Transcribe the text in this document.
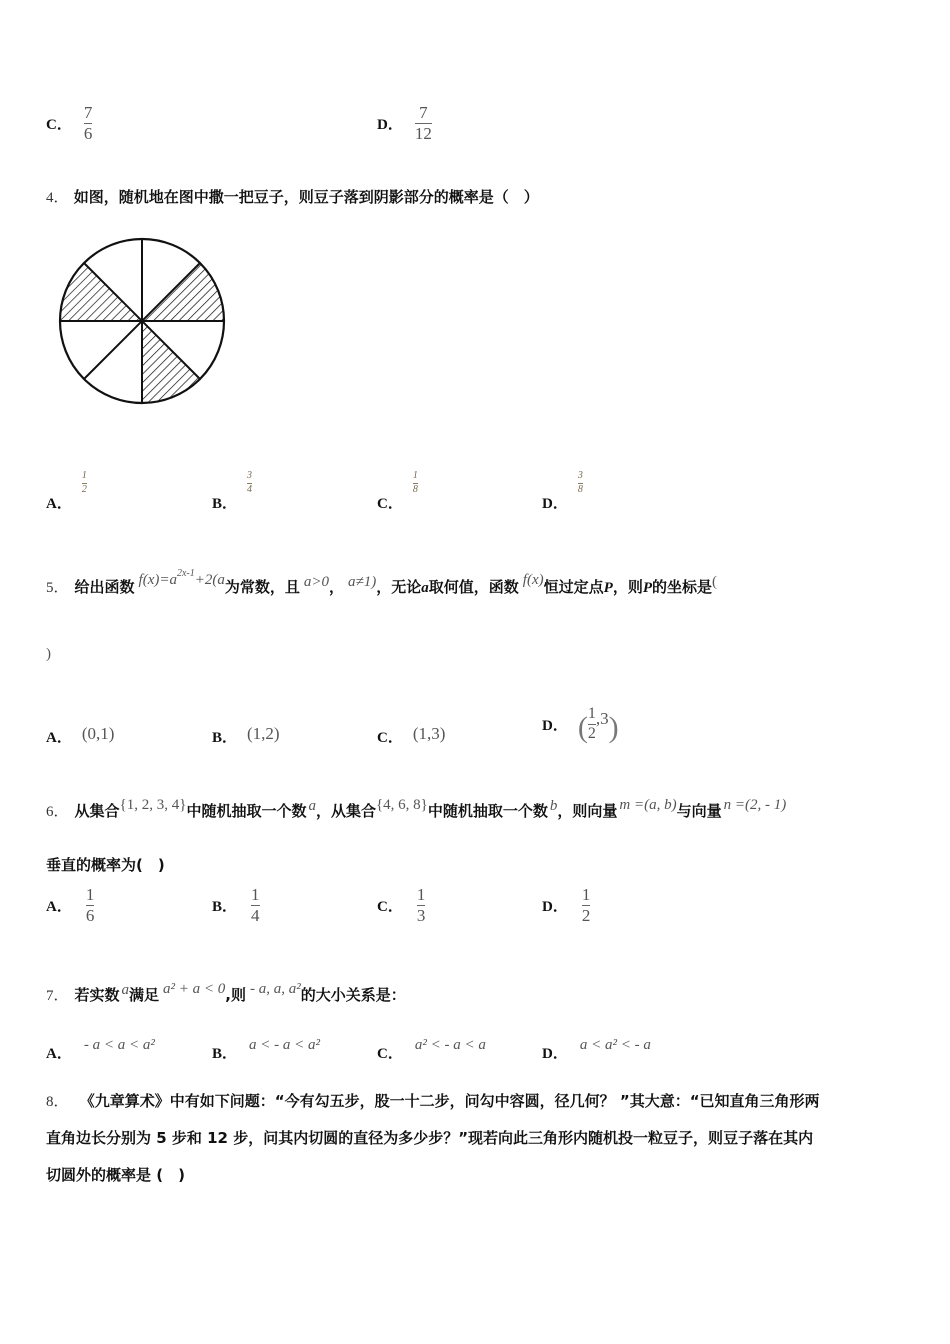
C． $\frac{7}{6}$	D． $\frac{7}{12}$
4． 如图，随机地在图中撒一把豆子，则豆子落到阴影部分的概率是（　）
A．
$\frac{1}{2}$
B．
$\frac{3}{4}$
C．
$\frac{1}{8}$
D．
$\frac{3}{8}$
5． 给出函数 $f(x)=a^{2x-1}+2(a$ 为常数，且 a>0 ， a≠1) ，无论 a 取何值，函数 f(x) 恒过定点 P ，则 P 的坐标是 (
)
A． (0,1)	B． (1,2)	C． (1,3)	D． ( $\frac{1}{2} ,3$ )
6． 从集合 {1, 2, 3, 4} 中随机抽取一个数 a ，从集合 {4, 6, 8} 中随机抽取一个数 b ，则向量 m =(a, b) 与向量 n =(2, - 1)
垂直的概率为(　)
A． $\frac{1}{6}$	B． $\frac{1}{4}$	C． $\frac{1}{3}$	D． $\frac{1}{2}$
7． 若实数 a 满足 a² + a < 0 ,则 - a, a, a² 的大小关系是：
A．
- a < a < a²
B．
a < - a < a²
C．
a² < - a < a
D．
a < a² < - a
8． 《九章算术》中有如下问题：“今有勾五步，股一十二步，问勾中容圆，径几何？ ”其大意：“已知直角三角形两
直角边长分别为 5 步和 12 步，问其内切圆的直径为多少步？”现若向此三角形内随机投一粒豆子，则豆子落在其内
切圆外的概率是 (　)
